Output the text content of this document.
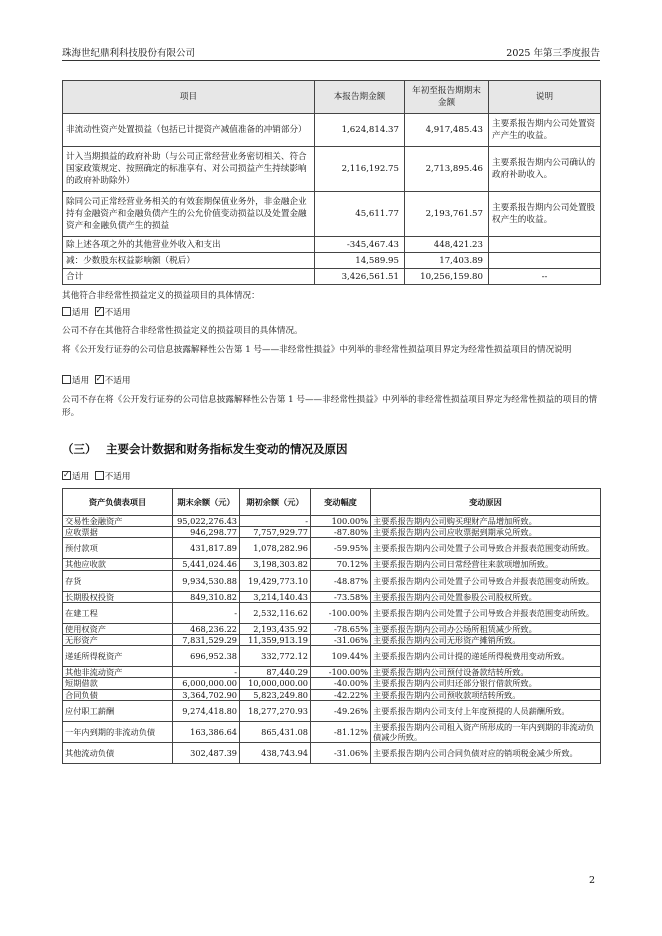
珠海世纪鼎利科技股份有限公司	2025 年第三季度报告
项目	本报告期金额	年初至报告期期末金额	说明
非流动性资产处置损益（包括已计提资产减值准备的冲销部分）	1,624,814.37	4,917,485.43	主要系报告期内公司处置资产产生的收益。
计入当期损益的政府补助（与公司正常经营业务密切相关、符合国家政策规定、按照确定的标准享有、对公司损益产生持续影响的政府补助除外）	2,116,192.75	2,713,895.46	主要系报告期内公司确认的政府补助收入。
除同公司正常经营业务相关的有效套期保值业务外，非金融企业持有金融资产和金融负债产生的公允价值变动损益以及处置金融资产和金融负债产生的损益	45,611.77	2,193,761.57	主要系报告期内公司处置股权产生的收益。
除上述各项之外的其他营业外收入和支出	-345,467.43	448,421.23	
减：少数股东权益影响额（税后）	14,589.95	17,403.89	
合计	3,426,561.51	10,256,159.80	--
其他符合非经常性损益定义的损益项目的具体情况：
适用 ✓ 不适用
公司不存在其他符合非经常性损益定义的损益项目的具体情况。
将《公开发行证券的公司信息披露解释性公告第 1 号——非经常性损益》中列举的非经常性损益项目界定为经常性损益项目的情况说明
适用 ✓ 不适用
公司不存在将《公开发行证券的公司信息披露解释性公告第 1 号——非经常性损益》中列举的非经常性损益项目界定为经常性损益的项目的情形。
（三） 主要会计数据和财务指标发生变动的情况及原因
✓适用 不适用
资产负债表项目	期末余额（元）	期初余额（元）	变动幅度	变动原因
交易性金融资产	95,022,276.43	-	100.00%	主要系报告期内公司购买理财产品增加所致。
应收票据	946,298.77	7,757,929.77	-87.80%	主要系报告期内公司应收票据到期承兑所致。
预付款项	431,817.89	1,078,282.96	-59.95%	主要系报告期内公司处置子公司导致合并报表范围变动所致。
其他应收款	5,441,024.46	3,198,303.82	70.12%	主要系报告期内公司日常经营往来款项增加所致。
存货	9,934,530.88	19,429,773.10	-48.87%	主要系报告期内公司处置子公司导致合并报表范围变动所致。
长期股权投资	849,310.82	3,214,140.43	-73.58%	主要系报告期内公司处置参股公司股权所致。
在建工程	-	2,532,116.62	-100.00%	主要系报告期内公司处置子公司导致合并报表范围变动所致。
使用权资产	468,236.22	2,193,435.92	-78.65%	主要系报告期内公司办公场所租赁减少所致。
无形资产	7,831,529.29	11,359,913.19	-31.06%	主要系报告期内公司无形资产摊销所致。
递延所得税资产	696,952.38	332,772.12	109.44%	主要系报告期内公司计提的递延所得税费用变动所致。
其他非流动资产	-	87,440.29	-100.00%	主要系报告期内公司预付设备款结转所致。
短期借款	6,000,000.00	10,000,000.00	-40.00%	主要系报告期内公司归还部分银行借款所致。
合同负债	3,364,702.90	5,823,249.80	-42.22%	主要系报告期内公司预收款项结转所致。
应付职工薪酬	9,274,418.80	18,277,270.93	-49.26%	主要系报告期内公司支付上年度预提的人员薪酬所致。
一年内到期的非流动负债	163,386.64	865,431.08	-81.12%	主要系报告期内公司租入资产所形成的一年内到期的非流动负债减少所致。
其他流动负债	302,487.39	438,743.94	-31.06%	主要系报告期内公司合同负债对应的销项税金减少所致。
2
